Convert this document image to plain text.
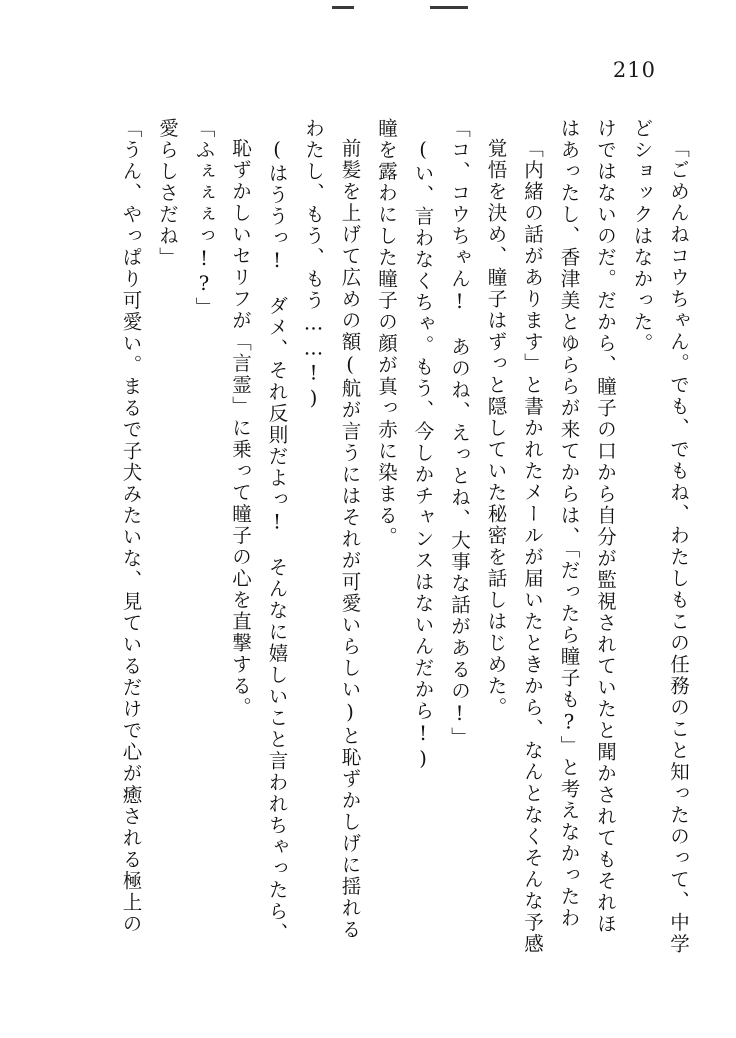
210
「うん、やっぱり可愛い。まるで子犬みたいな、見ているだけで心が癒される極上の 愛らしさだね」 「ふぇぇぇっ!?」 恥ずかしいセリフが「言霊」に乗って瞳子の心を直撃する。 (はううっ!　ダメ、それ反則だよっ!　そんなに嬉しいこと言われちゃったら、 わたし、もう、もう……!) 前髪を上げて広めの額(航が言うにはそれが可愛いらしい)と恥ずかしげに揺れる 瞳を露わにした瞳子の顔が真っ赤に染まる。 (い、言わなくちゃ。もう、今しかチャンスはないんだから!) 「コ、コウちゃん!　あのね、えっとね、大事な話があるの!」 覚悟を決め、瞳子はずっと隠していた秘密を話しはじめた。 「内緒の話があります」と書かれたメールが届いたときから、なんとなくそんな予感 はあったし、香津美とゆららが来てからは、「だったら瞳子も?」と考えなかったわ けではないのだ。だから、瞳子の口から自分が監視されていたと聞かされてもそれほ どショックはなかった。 「ごめんねコウちゃん。でも、でもね、わたしもこの任務のこと知ったのって、中学
